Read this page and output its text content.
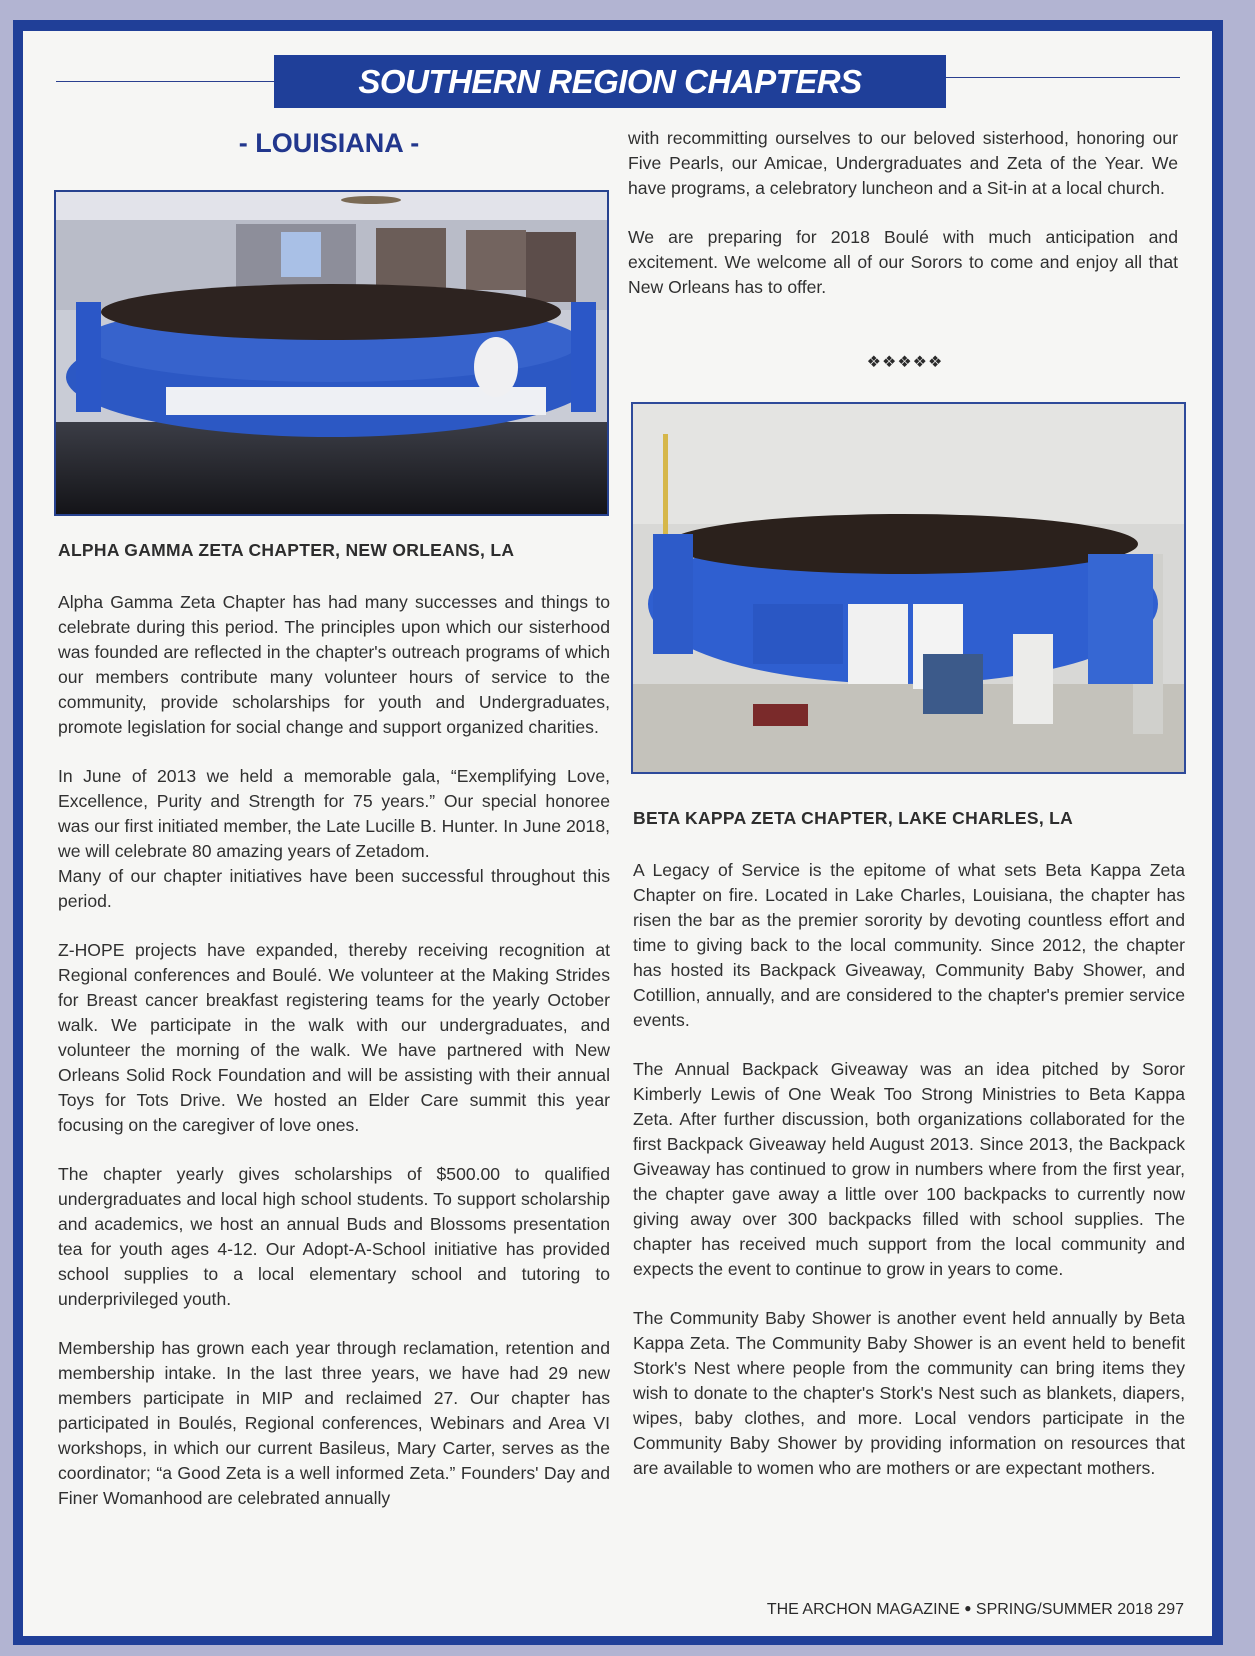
SOUTHERN REGION CHAPTERS
- LOUISIANA -
ALPHA GAMMA ZETA CHAPTER, NEW ORLEANS, LA

Alpha Gamma Zeta Chapter has had many successes and things to celebrate during this period. The principles upon which our sisterhood was founded are reflected in the chapter's outreach programs of which our members contribute many volunteer hours of service to the community, provide scholarships for youth and Undergraduates, promote legislation for social change and support organized charities.

In June of 2013 we held a memorable gala, “Exemplifying Love, Excellence, Purity and Strength for 75 years.” Our special honoree was our first initiated member, the Late Lucille B. Hunter. In June 2018, we will celebrate 80 amazing years of Zetadom.

Many of our chapter initiatives have been successful throughout this period.

Z-HOPE projects have expanded, thereby receiving recognition at Regional conferences and Boulé. We volunteer at the Making Strides for Breast cancer breakfast registering teams for the yearly October walk. We participate in the walk with our undergraduates, and volunteer the morning of the walk. We have partnered with New Orleans Solid Rock Foundation and will be assisting with their annual Toys for Tots Drive. We hosted an Elder Care summit this year focusing on the caregiver of love ones.

The chapter yearly gives scholarships of $500.00 to qualified undergraduates and local high school students. To support scholarship and academics, we host an annual Buds and Blossoms presentation tea for youth ages 4-12. Our Adopt-A-School initiative has provided school supplies to a local elementary school and tutoring to underprivileged youth.

Membership has grown each year through reclamation, retention and membership intake. In the last three years, we have had 29 new members participate in MIP and reclaimed 27. Our chapter has participated in Boulés, Regional conferences, Webinars and Area VI workshops, in which our current Basileus, Mary Carter, serves as the coordinator; “a Good Zeta is a well informed Zeta.” Founders' Day and Finer Womanhood are celebrated annually

with recommitting ourselves to our beloved sisterhood, honoring our Five Pearls, our Amicae, Undergraduates and Zeta of the Year. We have programs, a celebratory luncheon and a Sit-in at a local church.

We are preparing for 2018 Boulé with much anticipation and excitement. We welcome all of our Sorors to come and enjoy all that New Orleans has to offer.

❖❖❖❖❖
BETA KAPPA ZETA CHAPTER, LAKE CHARLES, LA

A Legacy of Service is the epitome of what sets Beta Kappa Zeta Chapter on fire. Located in Lake Charles, Louisiana, the chapter has risen the bar as the premier sorority by devoting countless effort and time to giving back to the local community. Since 2012, the chapter has hosted its Backpack Giveaway, Community Baby Shower, and Cotillion, annually, and are considered to the chapter's premier service events.

The Annual Backpack Giveaway was an idea pitched by Soror Kimberly Lewis of One Weak Too Strong Ministries to Beta Kappa Zeta. After further discussion, both organizations collaborated for the first Backpack Giveaway held August 2013. Since 2013, the Backpack Giveaway has continued to grow in numbers where from the first year, the chapter gave away a little over 100 backpacks to currently now giving away over 300 backpacks filled with school supplies. The chapter has received much support from the local community and expects the event to continue to grow in years to come.

The Community Baby Shower is another event held annually by Beta Kappa Zeta. The Community Baby Shower is an event held to benefit Stork's Nest where people from the community can bring items they wish to donate to the chapter's Stork's Nest such as blankets, diapers, wipes, baby clothes, and more. Local vendors participate in the Community Baby Shower by providing information on resources that are available to women who are mothers or are expectant mothers.

THE ARCHON MAGAZINE ● SPRING/SUMMER 2018 297
